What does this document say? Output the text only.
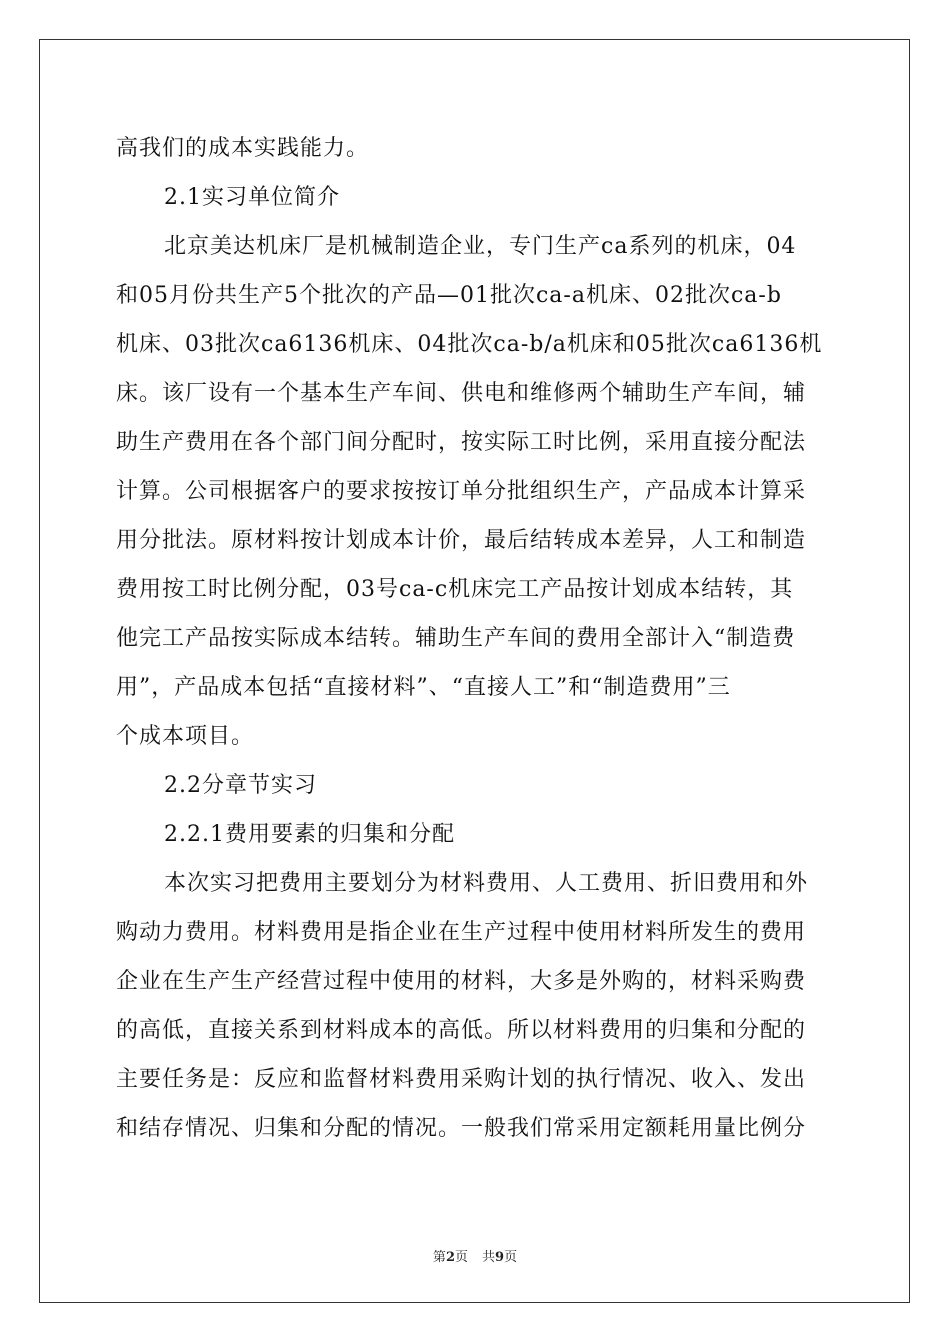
高我们的成本实践能力。
2.1实习单位简介
北京美达机床厂是机械制造企业，专门生产ca系列的机床，04
和05月份共生产5个批次的产品—01批次ca-a机床、02批次ca-b
机床、03批次ca6136机床、04批次ca-b/a机床和05批次ca6136机
床。该厂设有一个基本生产车间、供电和维修两个辅助生产车间，辅
助生产费用在各个部门间分配时，按实际工时比例，采用直接分配法
计算。公司根据客户的要求按按订单分批组织生产，产品成本计算采
用分批法。原材料按计划成本计价，最后结转成本差异，人工和制造
费用按工时比例分配，03号ca-c机床完工产品按计划成本结转，其
他完工产品按实际成本结转。辅助生产车间的费用全部计入“制造费
用”，产品成本包括“直接材料”、“直接人工”和“制造费用”三
个成本项目。
2.2分章节实习
2.2.1费用要素的归集和分配
本次实习把费用主要划分为材料费用、人工费用、折旧费用和外
购动力费用。材料费用是指企业在生产过程中使用材料所发生的费用
企业在生产生产经营过程中使用的材料，大多是外购的，材料采购费
的高低，直接关系到材料成本的高低。所以材料费用的归集和分配的
主要任务是：反应和监督材料费用采购计划的执行情况、收入、发出
和结存情况、归集和分配的情况。一般我们常采用定额耗用量比例分
第2页 共9页
